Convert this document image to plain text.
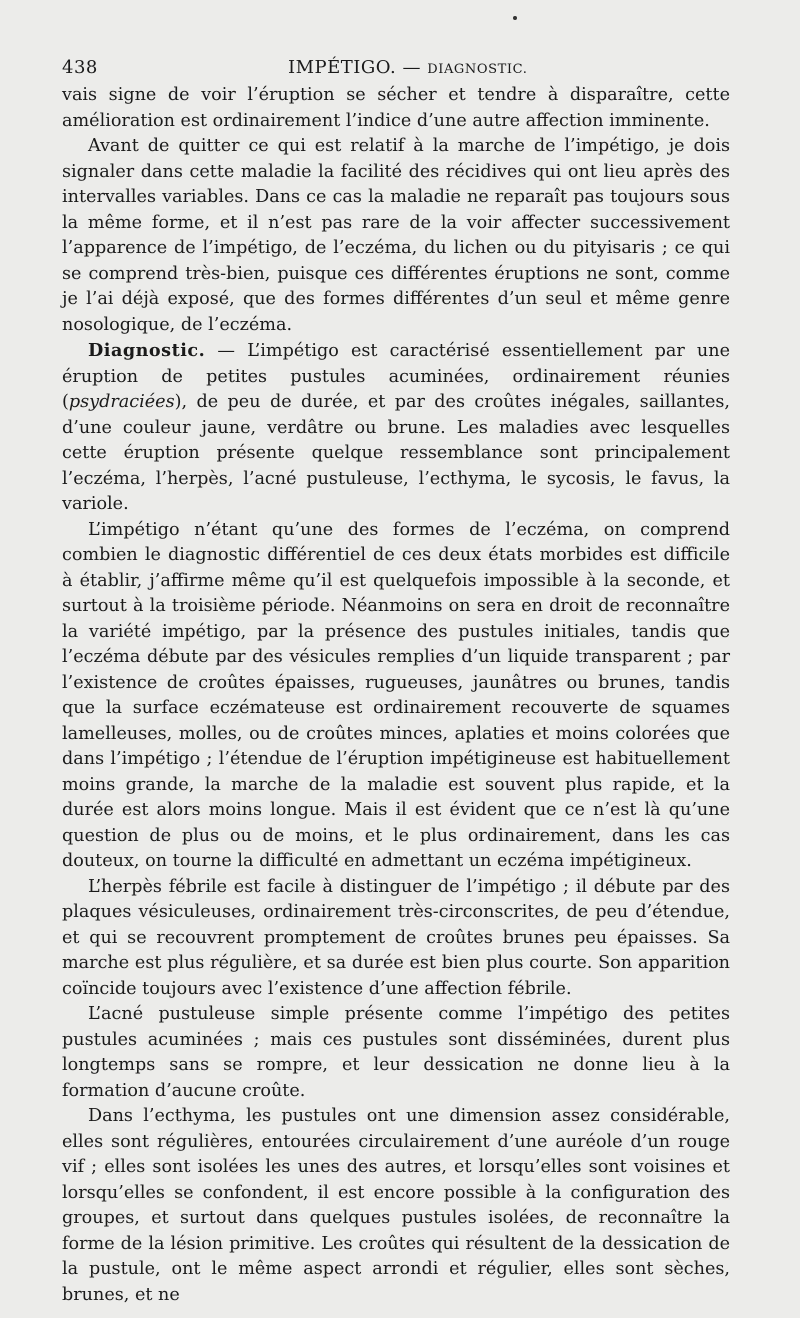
438	IMPÉTIGO. — DIAGNOSTIC.

vais signe de voir l’éruption se sécher et tendre à disparaître, cette amélioration est ordinairement l’indice d’une autre affection imminente.

Avant de quitter ce qui est relatif à la marche de l’impétigo, je dois signaler dans cette maladie la facilité des récidives qui ont lieu après des intervalles variables. Dans ce cas la maladie ne reparaît pas toujours sous la même forme, et il n’est pas rare de la voir affecter successivement l’apparence de l’impétigo, de l’eczéma, du lichen ou du pityisaris ; ce qui se comprend très-bien, puisque ces différentes éruptions ne sont, comme je l’ai déjà exposé, que des formes différentes d’un seul et même genre nosologique, de l’eczéma.

Diagnostic. — L’impétigo est caractérisé essentiellement par une éruption de petites pustules acuminées, ordinairement réunies (psydraciées), de peu de durée, et par des croûtes inégales, saillantes, d’une couleur jaune, verdâtre ou brune. Les maladies avec lesquelles cette éruption présente quelque ressemblance sont principalement l’eczéma, l’herpès, l’acné pustuleuse, l’ecthyma, le sycosis, le favus, la variole.

L’impétigo n’étant qu’une des formes de l’eczéma, on comprend combien le diagnostic différentiel de ces deux états morbides est difficile à établir, j’affirme même qu’il est quelquefois impossible à la seconde, et surtout à la troisième période. Néanmoins on sera en droit de reconnaître la variété impétigo, par la présence des pustules initiales, tandis que l’eczéma débute par des vésicules remplies d’un liquide transparent ; par l’existence de croûtes épaisses, rugueuses, jaunâtres ou brunes, tandis que la surface eczémateuse est ordinairement recouverte de squames lamelleuses, molles, ou de croûtes minces, aplaties et moins colorées que dans l’impétigo ; l’étendue de l’éruption impétigineuse est habituellement moins grande, la marche de la maladie est souvent plus rapide, et la durée est alors moins longue. Mais il est évident que ce n’est là qu’une question de plus ou de moins, et le plus ordinairement, dans les cas douteux, on tourne la difficulté en admettant un eczéma impétigineux.

L’herpès fébrile est facile à distinguer de l’impétigo ; il débute par des plaques vésiculeuses, ordinairement très-circonscrites, de peu d’étendue, et qui se recouvrent promptement de croûtes brunes peu épaisses. Sa marche est plus régulière, et sa durée est bien plus courte. Son apparition coïncide toujours avec l’existence d’une affection fébrile.

L’acné pustuleuse simple présente comme l’impétigo des petites pustules acuminées ; mais ces pustules sont disséminées, durent plus longtemps sans se rompre, et leur dessication ne donne lieu à la formation d’aucune croûte.

Dans l’ecthyma, les pustules ont une dimension assez considérable, elles sont régulières, entourées circulairement d’une auréole d’un rouge vif ; elles sont isolées les unes des autres, et lorsqu’elles sont voisines et lorsqu’elles se confondent, il est encore possible à la configuration des groupes, et surtout dans quelques pustules isolées, de reconnaître la forme de la lésion primitive. Les croûtes qui résultent de la dessication de la pustule, ont le même aspect arrondi et régulier, elles sont sèches, brunes, et ne
